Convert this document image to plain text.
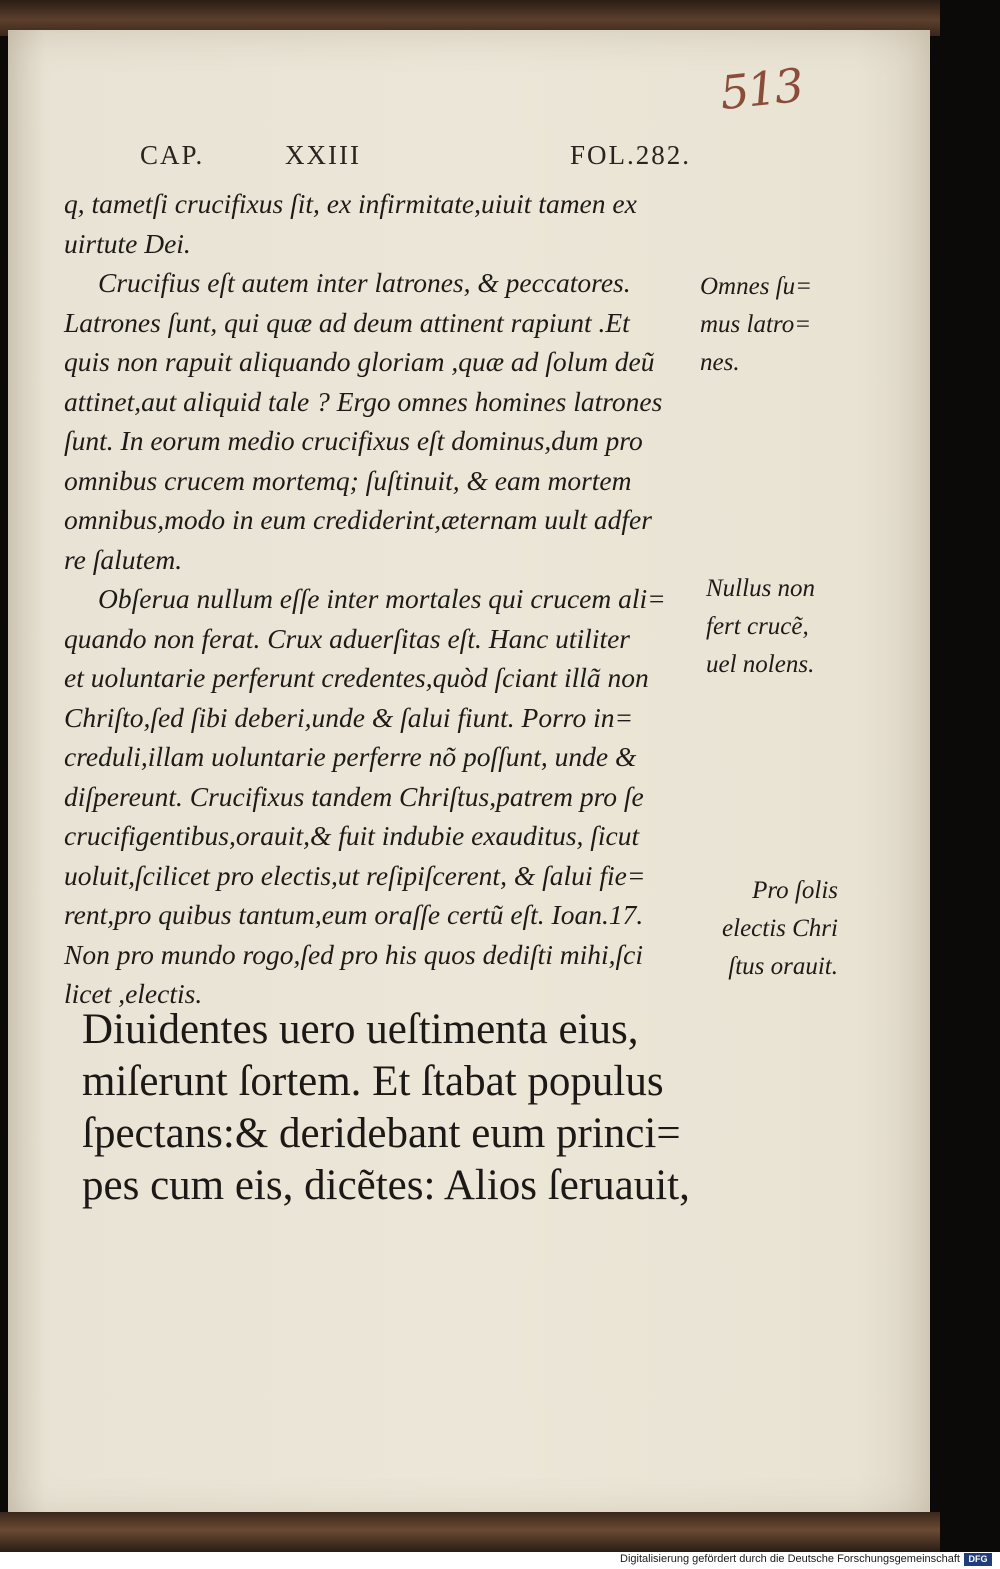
513
CAP.	XXIII	FOL.282.
q, tametſi crucifixus ſit, ex infirmitate,uiuit tamen ex
uirtute Dei.
Crucifius eſt autem inter latrones, & peccatores.
Latrones ſunt, qui quæ ad deum attinent rapiunt .Et
quis non rapuit aliquando gloriam ,quæ ad ſolum deũ
attinet,aut aliquid tale ? Ergo omnes homines latrones
ſunt. In eorum medio crucifixus eſt dominus,dum pro
omnibus crucem mortemq; ſuſtinuit, & eam mortem
omnibus,modo in eum crediderint,æternam uult adfer
re ſalutem.
Obſerua nullum eſſe inter mortales qui crucem ali=
quando non ferat. Crux aduerſitas eſt. Hanc utiliter
et uoluntarie perferunt credentes,quòd ſciant illã non
Chriſto,ſed ſibi deberi,unde & ſalui fiunt. Porro in=
creduli,illam uoluntarie perferre nõ poſſunt, unde &
diſpereunt. Crucifixus tandem Chriſtus,patrem pro ſe
crucifigentibus,orauit,& fuit indubie exauditus, ſicut
uoluit,ſcilicet pro electis,ut reſipiſcerent, & ſalui fie=
rent,pro quibus tantum,eum oraſſe certũ eſt. Ioan.17.
Non pro mundo rogo,ſed pro his quos dediſti mihi,ſci
licet ,electis.
Diuidentes uero ueſtimenta eius,
miſerunt ſortem. Et ſtabat populus
ſpectans:& deridebant eum princi=
pes cum eis, dicẽtes: Alios ſeruauit,
Omnes ſu=
mus latro=
nes.
Nullus non
fert crucẽ,
uel nolens.
Pro ſolis
electis Chri
ſtus orauit.
Digitalisierung gefördert durch die Deutsche Forschungsgemeinschaft DFG
